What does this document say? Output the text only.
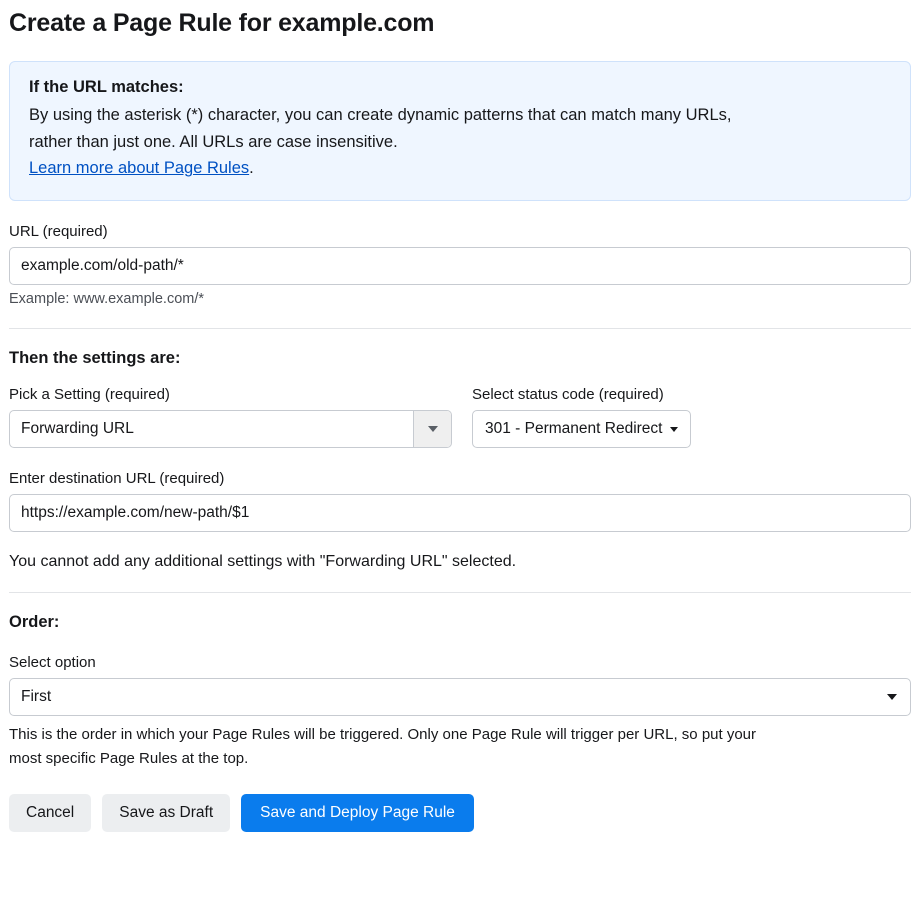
Create a Page Rule for example.com
If the URL matches:
By using the asterisk (*) character, you can create dynamic patterns that can match many URLs,
rather than just one. All URLs are case insensitive.
Learn more about Page Rules.
URL (required)
example.com/old-path/*
Example: www.example.com/*
Then the settings are:
Pick a Setting (required)
Forwarding URL
Select status code (required)
301 - Permanent Redirect
Enter destination URL (required)
https://example.com/new-path/$1
You cannot add any additional settings with "Forwarding URL" selected.
Order:
Select option
First
This is the order in which your Page Rules will be triggered. Only one Page Rule will trigger per URL, so put your
most specific Page Rules at the top.
Cancel	Save as Draft	Save and Deploy Page Rule
